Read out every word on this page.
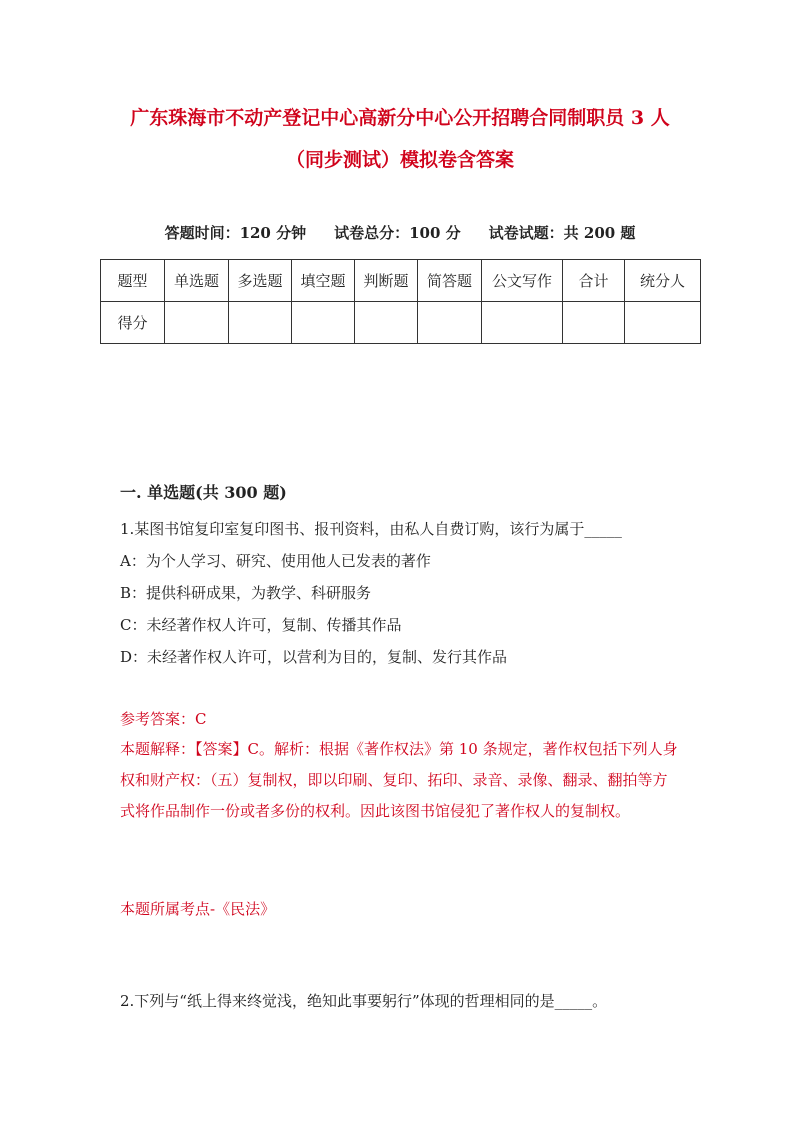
广东珠海市不动产登记中心高新分中心公开招聘合同制职员 3 人
（同步测试）模拟卷含答案
答题时间：120 分钟 试卷总分：100 分 试卷试题：共 200 题
题型	单选题	多选题	填空题	判断题	简答题	公文写作	合计	统分人
得分								
一. 单选题(共 300 题)
1.某图书馆复印室复印图书、报刊资料，由私人自费订购，该行为属于_____
A：为个人学习、研究、使用他人已发表的著作
B：提供科研成果，为教学、科研服务
C：未经著作权人许可，复制、传播其作品
D：未经著作权人许可，以营利为目的，复制、发行其作品
参考答案：C
本题解释：【答案】C。解析：根据《著作权法》第 10 条规定，著作权包括下列人身权和财产权：（五）复制权，即以印刷、复印、拓印、录音、录像、翻录、翻拍等方式将作品制作一份或者多份的权利。因此该图书馆侵犯了著作权人的复制权。
本题所属考点-《民法》
2.下列与“纸上得来终觉浅，绝知此事要躬行”体现的哲理相同的是_____。
